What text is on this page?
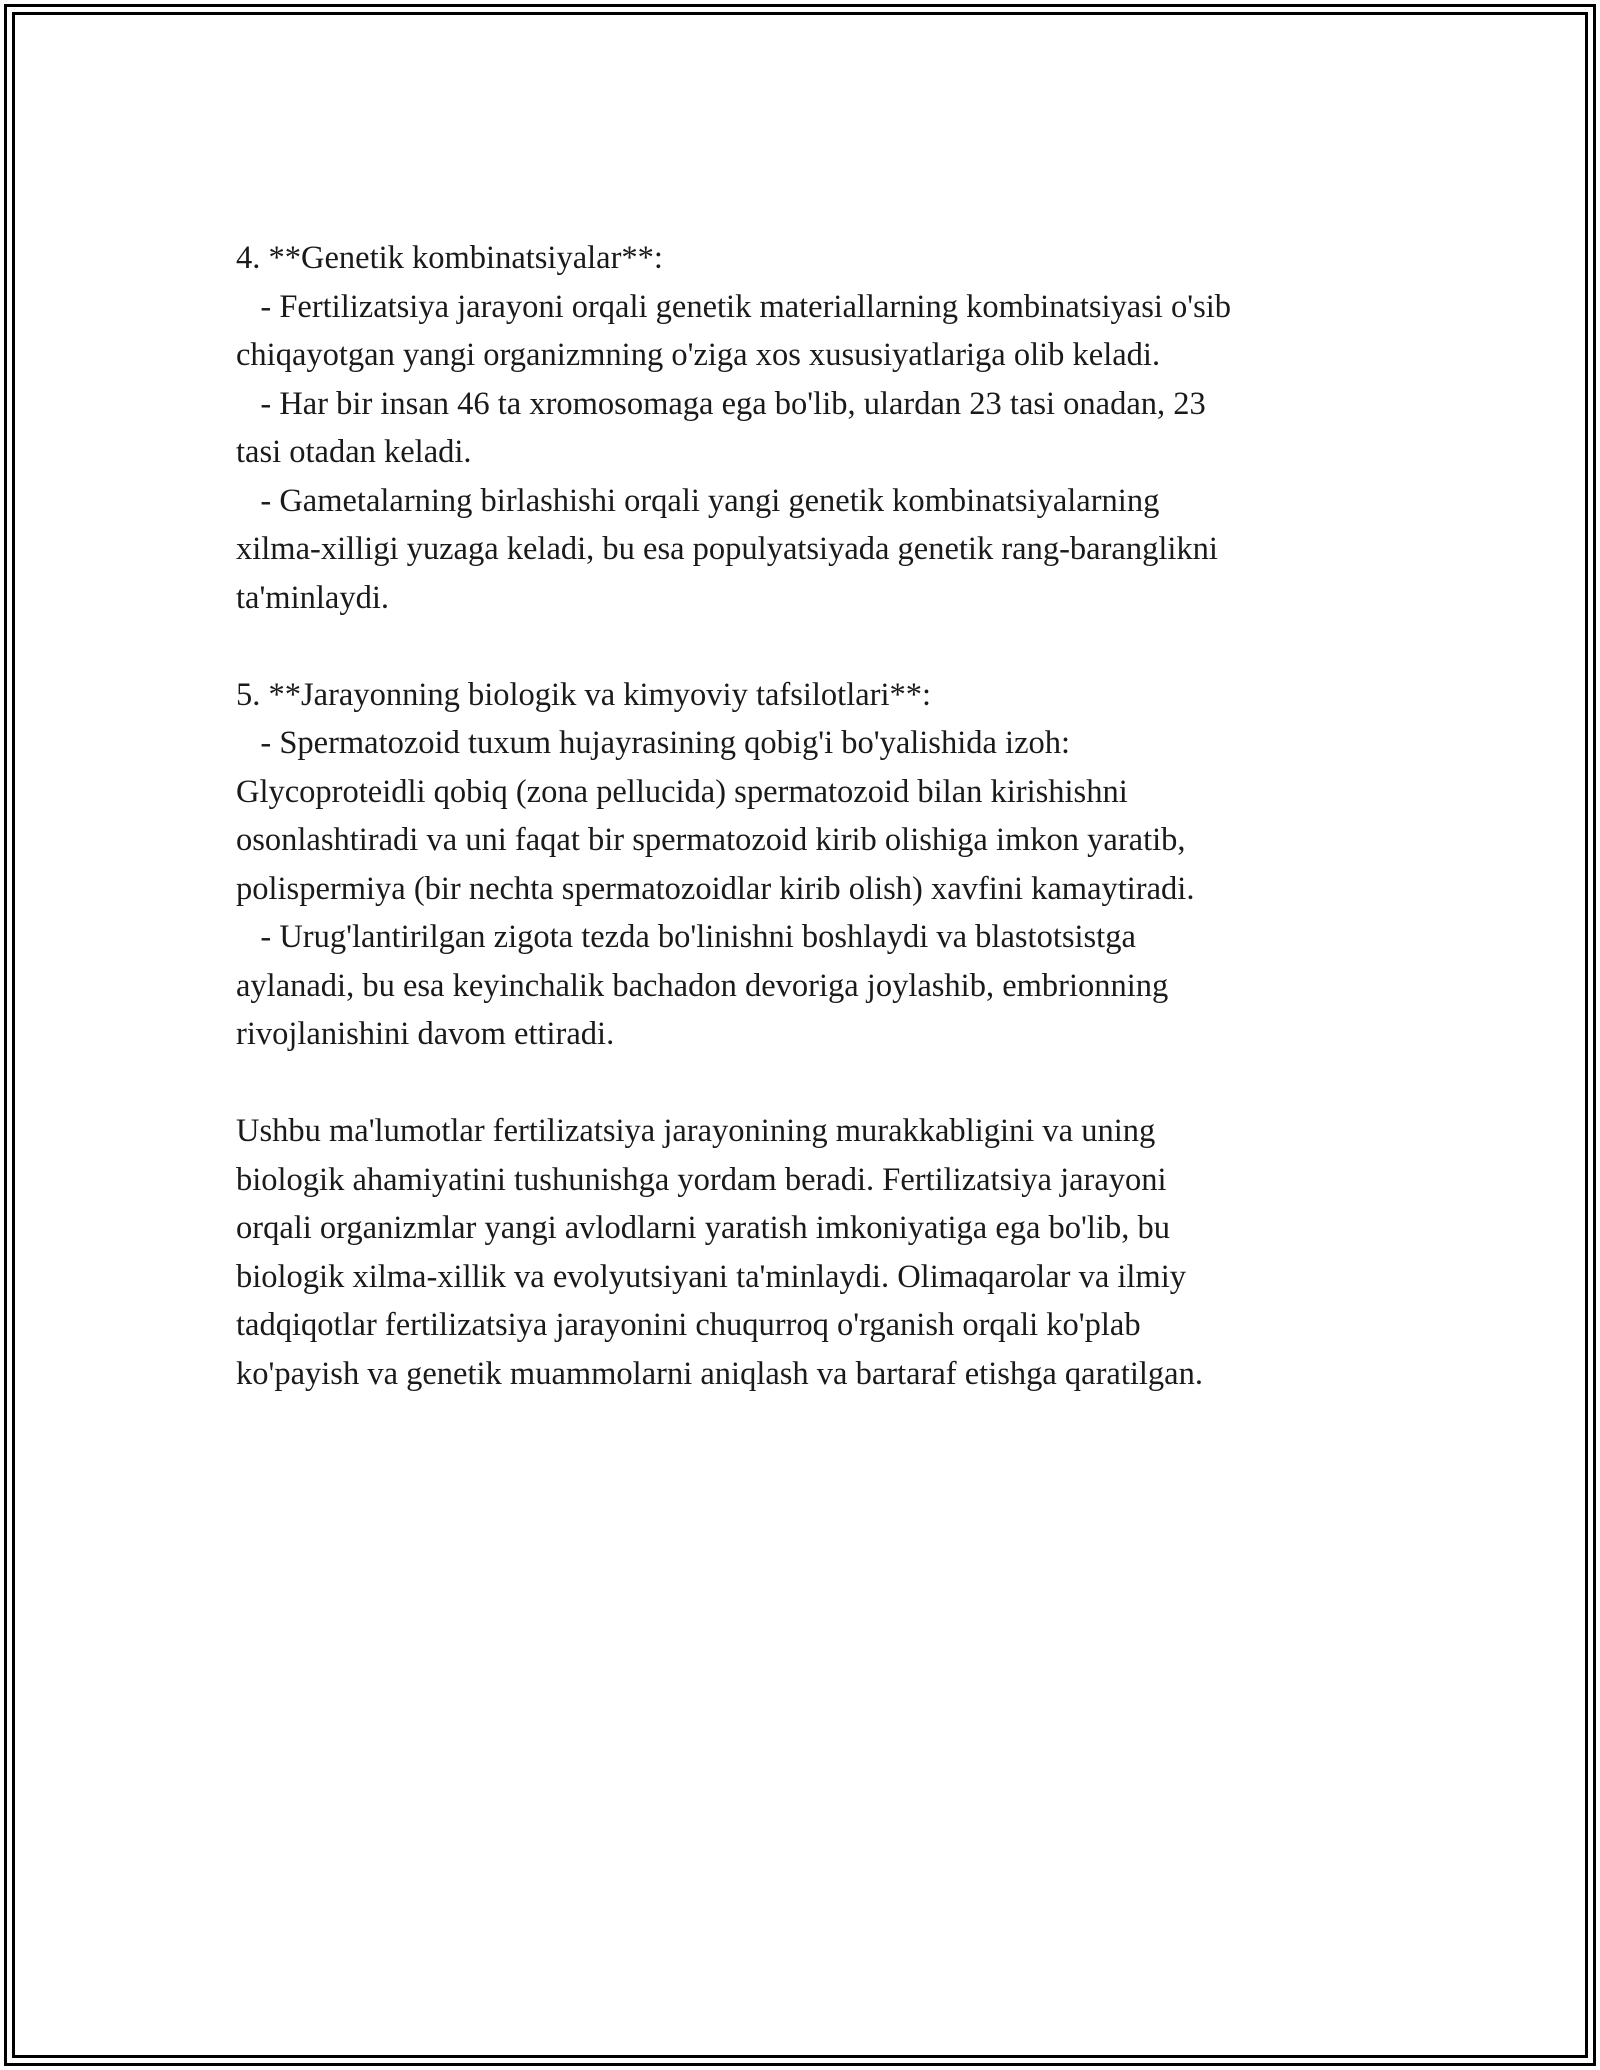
4. **Genetik kombinatsiyalar**:
- Fertilizatsiya jarayoni orqali genetik materiallarning kombinatsiyasi o'sib
chiqayotgan yangi organizmning o'ziga xos xususiyatlariga olib keladi.
- Har bir insan 46 ta xromosomaga ega bo'lib, ulardan 23 tasi onadan, 23
tasi otadan keladi.
- Gametalarning birlashishi orqali yangi genetik kombinatsiyalarning
xilma-xilligi yuzaga keladi, bu esa populyatsiyada genetik rang-baranglikni
ta'minlaydi.
5. **Jarayonning biologik va kimyoviy tafsilotlari**:
- Spermatozoid tuxum hujayrasining qobig'i bo'yalishida izoh:
Glycoproteidli qobiq (zona pellucida) spermatozoid bilan kirishishni
osonlashtiradi va uni faqat bir spermatozoid kirib olishiga imkon yaratib,
polispermiya (bir nechta spermatozoidlar kirib olish) xavfini kamaytiradi.
- Urug'lantirilgan zigota tezda bo'linishni boshlaydi va blastotsistga
aylanadi, bu esa keyinchalik bachadon devoriga joylashib, embrionning
rivojlanishini davom ettiradi.
Ushbu ma'lumotlar fertilizatsiya jarayonining murakkabligini va uning
biologik ahamiyatini tushunishga yordam beradi. Fertilizatsiya jarayoni
orqali organizmlar yangi avlodlarni yaratish imkoniyatiga ega bo'lib, bu
biologik xilma-xillik va evolyutsiyani ta'minlaydi. Olimaqarolar va ilmiy
tadqiqotlar fertilizatsiya jarayonini chuqurroq o'rganish orqali ko'plab
ko'payish va genetik muammolarni aniqlash va bartaraf etishga qaratilgan.
